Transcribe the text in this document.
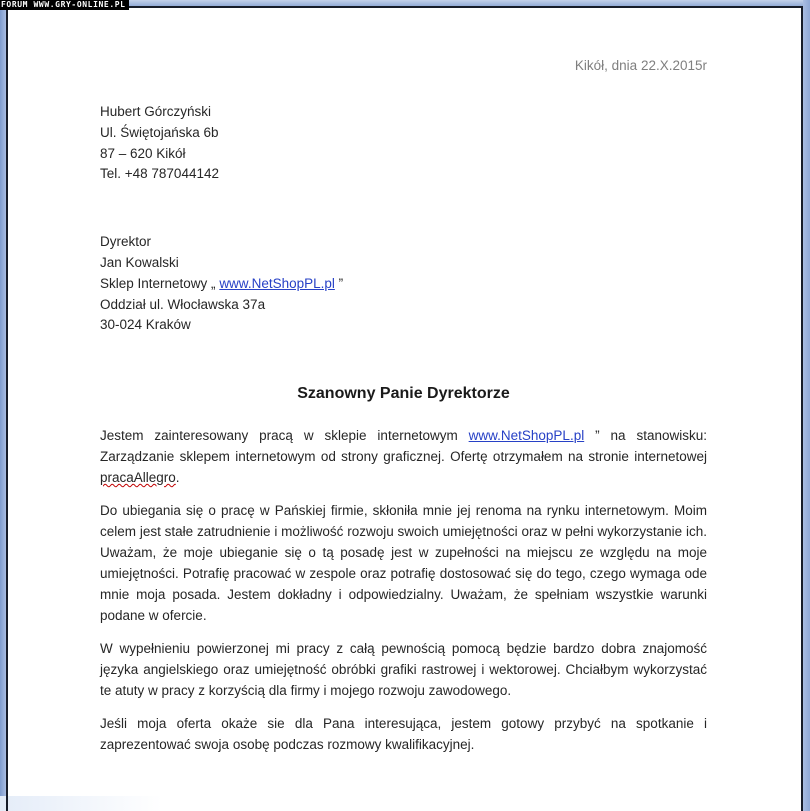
FORUM WWW.GRY-ONLINE.PL
Kikół, dnia 22.X.2015r
Hubert Górczyński
Ul. Świętojańska 6b
87 – 620 Kikół
Tel. +48 787044142
Dyrektor
Jan Kowalski
Sklep Internetowy „ www.NetShopPL.pl ”
Oddział ul. Włocławska 37a
30-024 Kraków
Szanowny Panie Dyrektorze

Jestem zainteresowany pracą w sklepie internetowym www.NetShopPL.pl ” na stanowisku: Zarządzanie sklepem internetowym od strony graficznej. Ofertę otrzymałem na stronie internetowej pracaAllegro.

Do ubiegania się o pracę w Pańskiej firmie, skłoniła mnie jej renoma na rynku internetowym. Moim celem jest stałe zatrudnienie i możliwość rozwoju swoich umiejętności oraz w pełni wykorzystanie ich. Uważam, że moje ubieganie się o tą posadę jest w zupełności na miejscu ze względu na moje umiejętności. Potrafię pracować w zespole oraz potrafię dostosować się do tego, czego wymaga ode mnie moja posada. Jestem dokładny i odpowiedzialny. Uważam, że spełniam wszystkie warunki podane w ofercie.

W wypełnieniu powierzonej mi pracy z całą pewnością pomocą będzie bardzo dobra znajomość języka angielskiego oraz umiejętność obróbki grafiki rastrowej i wektorowej. Chciałbym wykorzystać te atuty w pracy z korzyścią dla firmy i mojego rozwoju zawodowego.

Jeśli moja oferta okaże sie dla Pana interesująca, jestem gotowy przybyć na spotkanie i zaprezentować swoja osobę podczas rozmowy kwalifikacyjnej.
